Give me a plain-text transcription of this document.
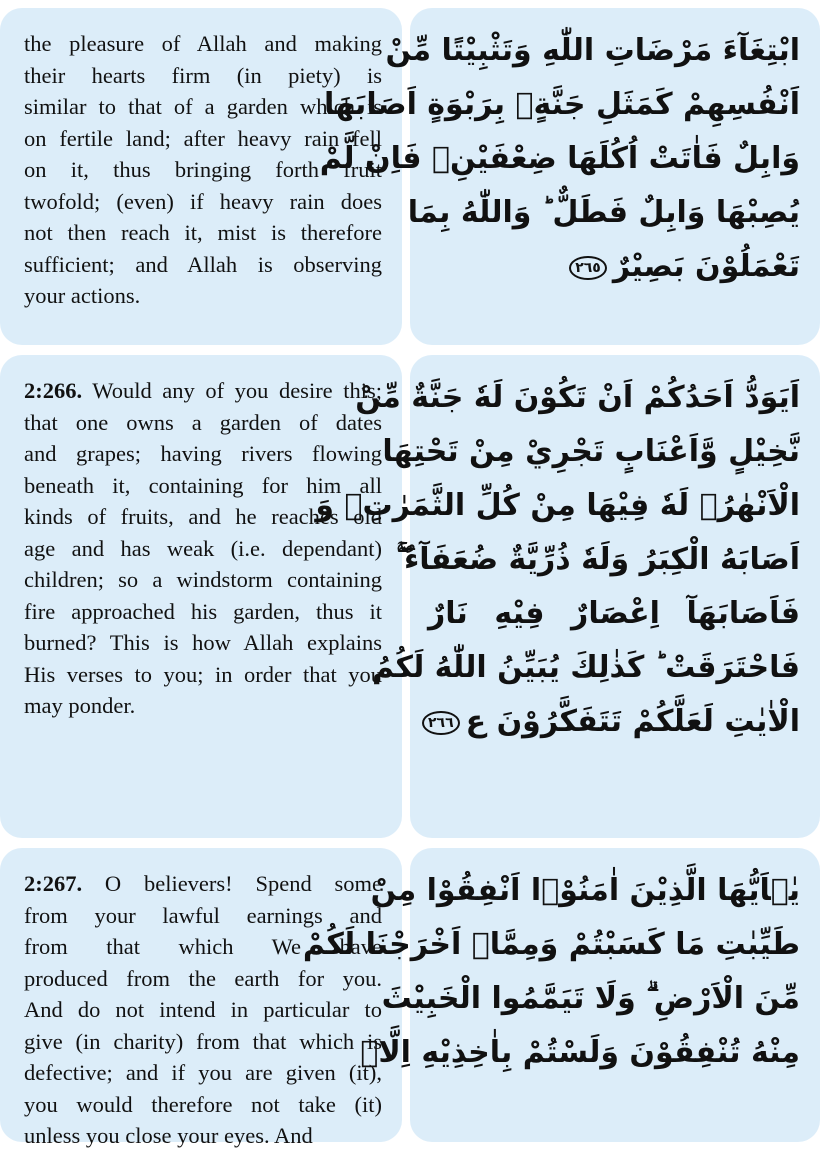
the pleasure of Allah and making
their hearts firm (in piety) is
similar to that of a garden which is
on fertile land; after heavy rain fell
on it, thus bringing forth fruit
twofold; (even) if heavy rain does
not then reach it, mist is therefore
sufficient; and Allah is observing
your actions.
ابْتِغَآءَ مَرْضَاتِ اللّٰهِ وَتَثْبِيْتًا مِّنْ
اَنْفُسِهِمْ كَمَثَلِ جَنَّةٍۭ بِرَبْوَةٍ اَصَابَهَا
وَابِلٌ فَاٰتَتْ اُكُلَهَا ضِعْفَيْنِۚ فَاِنْ لَّمْ
يُصِبْهَا وَابِلٌ فَطَلٌّ ؕ وَاللّٰهُ بِمَا
تَعْمَلُوْنَ بَصِيْرٌ٢٦٥
2:266. Would any of you desire this;
that one owns a garden of dates
and grapes; having rivers flowing
beneath it, containing for him all
kinds of fruits, and he reaches old
age and has weak (i.e. dependant)
children; so a windstorm containing
fire approached his garden, thus it
burned? This is how Allah explains
His verses to you; in order that you
may ponder.
اَيَوَدُّ اَحَدُكُمْ اَنْ تَكُوْنَ لَهٗ جَنَّةٌ مِّنْ
نَّخِيْلٍ وَّاَعْنَابٍ تَجْرِيْ مِنْ تَحْتِهَا
الْاَنْهٰرُۙ لَهٗ فِيْهَا مِنْ كُلِّ الثَّمَرٰتِۙ وَ
اَصَابَهُ الْكِبَرُ وَلَهٗ ذُرِّيَّةٌ ضُعَفَآءُ ۖۚ
فَاَصَابَهَآ اِعْصَارٌ فِيْهِ نَارٌ
فَاحْتَرَقَتْ ؕ كَذٰلِكَ يُبَيِّنُ اللّٰهُ لَكُمُ
الْاٰيٰتِ لَعَلَّكُمْ تَتَفَكَّرُوْنَ ع٢٦٦
2:267. O believers! Spend some
from your lawful earnings and
from that which We have
produced from the earth for you.
And do not intend in particular to
give (in charity) from that which is
defective; and if you are given (it),
you would therefore not take (it)
unless you close your eyes. And
يٰۤاَيُّهَا الَّذِيْنَ اٰمَنُوْۤا اَنْفِقُوْا مِنْ
طَيِّبٰتِ مَا كَسَبْتُمْ وَمِمَّاۤ اَخْرَجْنَا لَكُمْ
مِّنَ الْاَرْضِ ۗ وَلَا تَيَمَّمُوا الْخَبِيْثَ
مِنْهُ تُنْفِقُوْنَ وَلَسْتُمْ بِاٰخِذِيْهِ اِلَّاۤ
